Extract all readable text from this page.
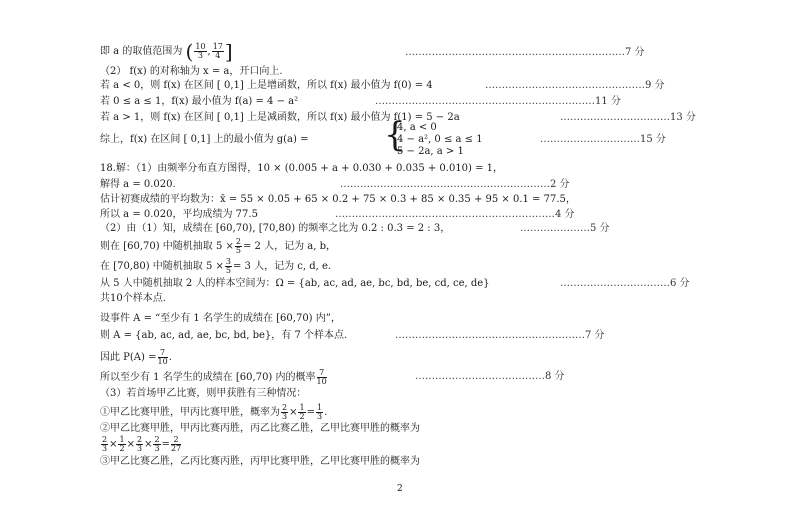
即 a 的取值范围为 ( $\frac{10}{3}$ , $\frac{17}{4}$ ]	…………………………………………………………7 分
（2） f(x) 的对称轴为 x = a，开口向上.
若 a < 0，则 f(x) 在区间 [ 0,1] 上是增函数，所以 f(x) 最小值为 f(0) = 4	…………………………………………9 分
若 0 ≤ a ≤ 1，f(x) 最小值为 f(a) = 4 − a²	…………………………………………………………11 分
若 a > 1，则 f(x) 在区间 [ 0,1] 上是减函数，所以 f(x) 最小值为 f(1) = 5 − 2a	……………………………13 分
综上，f(x) 在区间 [ 0,1] 上的最小值为 g(a) = {
4, a < 0
4 − a², 0 ≤ a ≤ 1
5 − 2a, a > 1
…………………………15 分
18.解：（1）由频率分布直方图得，10 × (0.005 + a + 0.030 + 0.035 + 0.010) = 1，
解得 a = 0.020.	………………………………………………………2 分
估计初赛成绩的平均数为：x̄ = 55 × 0.05 + 65 × 0.2 + 75 × 0.3 + 85 × 0.35 + 95 × 0.1 = 77.5，
所以 a = 0.020，平均成绩为 77.5	…………………………………………………………4 分
（2）由（1）知，成绩在 [60,70), [70,80) 的频率之比为 0.2 : 0.3 = 2 : 3，	…………………5 分
则在 [60,70) 中随机抽取 $5 \times \frac{2}{5} = 2$ 人，记为 a, b，
在 [70,80) 中随机抽取 $5 \times \frac{3}{5} = 3$ 人，记为 c, d, e.
从 5 人中随机抽取 2 人的样本空间为：Ω = {ab, ac, ad, ae, bc, bd, be, cd, ce, de}	……………………………6 分
共10个样本点.
设事件 A = “至少有 1 名学生的成绩在 [60,70) 内”，
则 A = {ab, ac, ad, ae, bc, bd, be}，有 7 个样本点.	…………………………………………………7 分
因此 $P(A) = \frac{7}{10}$ .
所以至少有 1 名学生的成绩在 [60,70) 内的概率 $\frac{7}{10}$	…………………………………8 分
（3）若首场甲乙比赛，则甲获胜有三种情况：
①甲乙比赛甲胜，甲丙比赛甲胜，概率为 $\frac{2}{3} \times \frac{1}{2} = \frac{1}{3}$ .
②甲乙比赛甲胜，甲丙比赛丙胜，丙乙比赛乙胜，乙甲比赛甲胜的概率为
$\frac{2}{3} \times \frac{1}{2} \times \frac{2}{3} \times \frac{2}{3} = \frac{2}{27}$
③甲乙比赛乙胜，乙丙比赛丙胜，丙甲比赛甲胜，乙甲比赛甲胜的概率为
2
